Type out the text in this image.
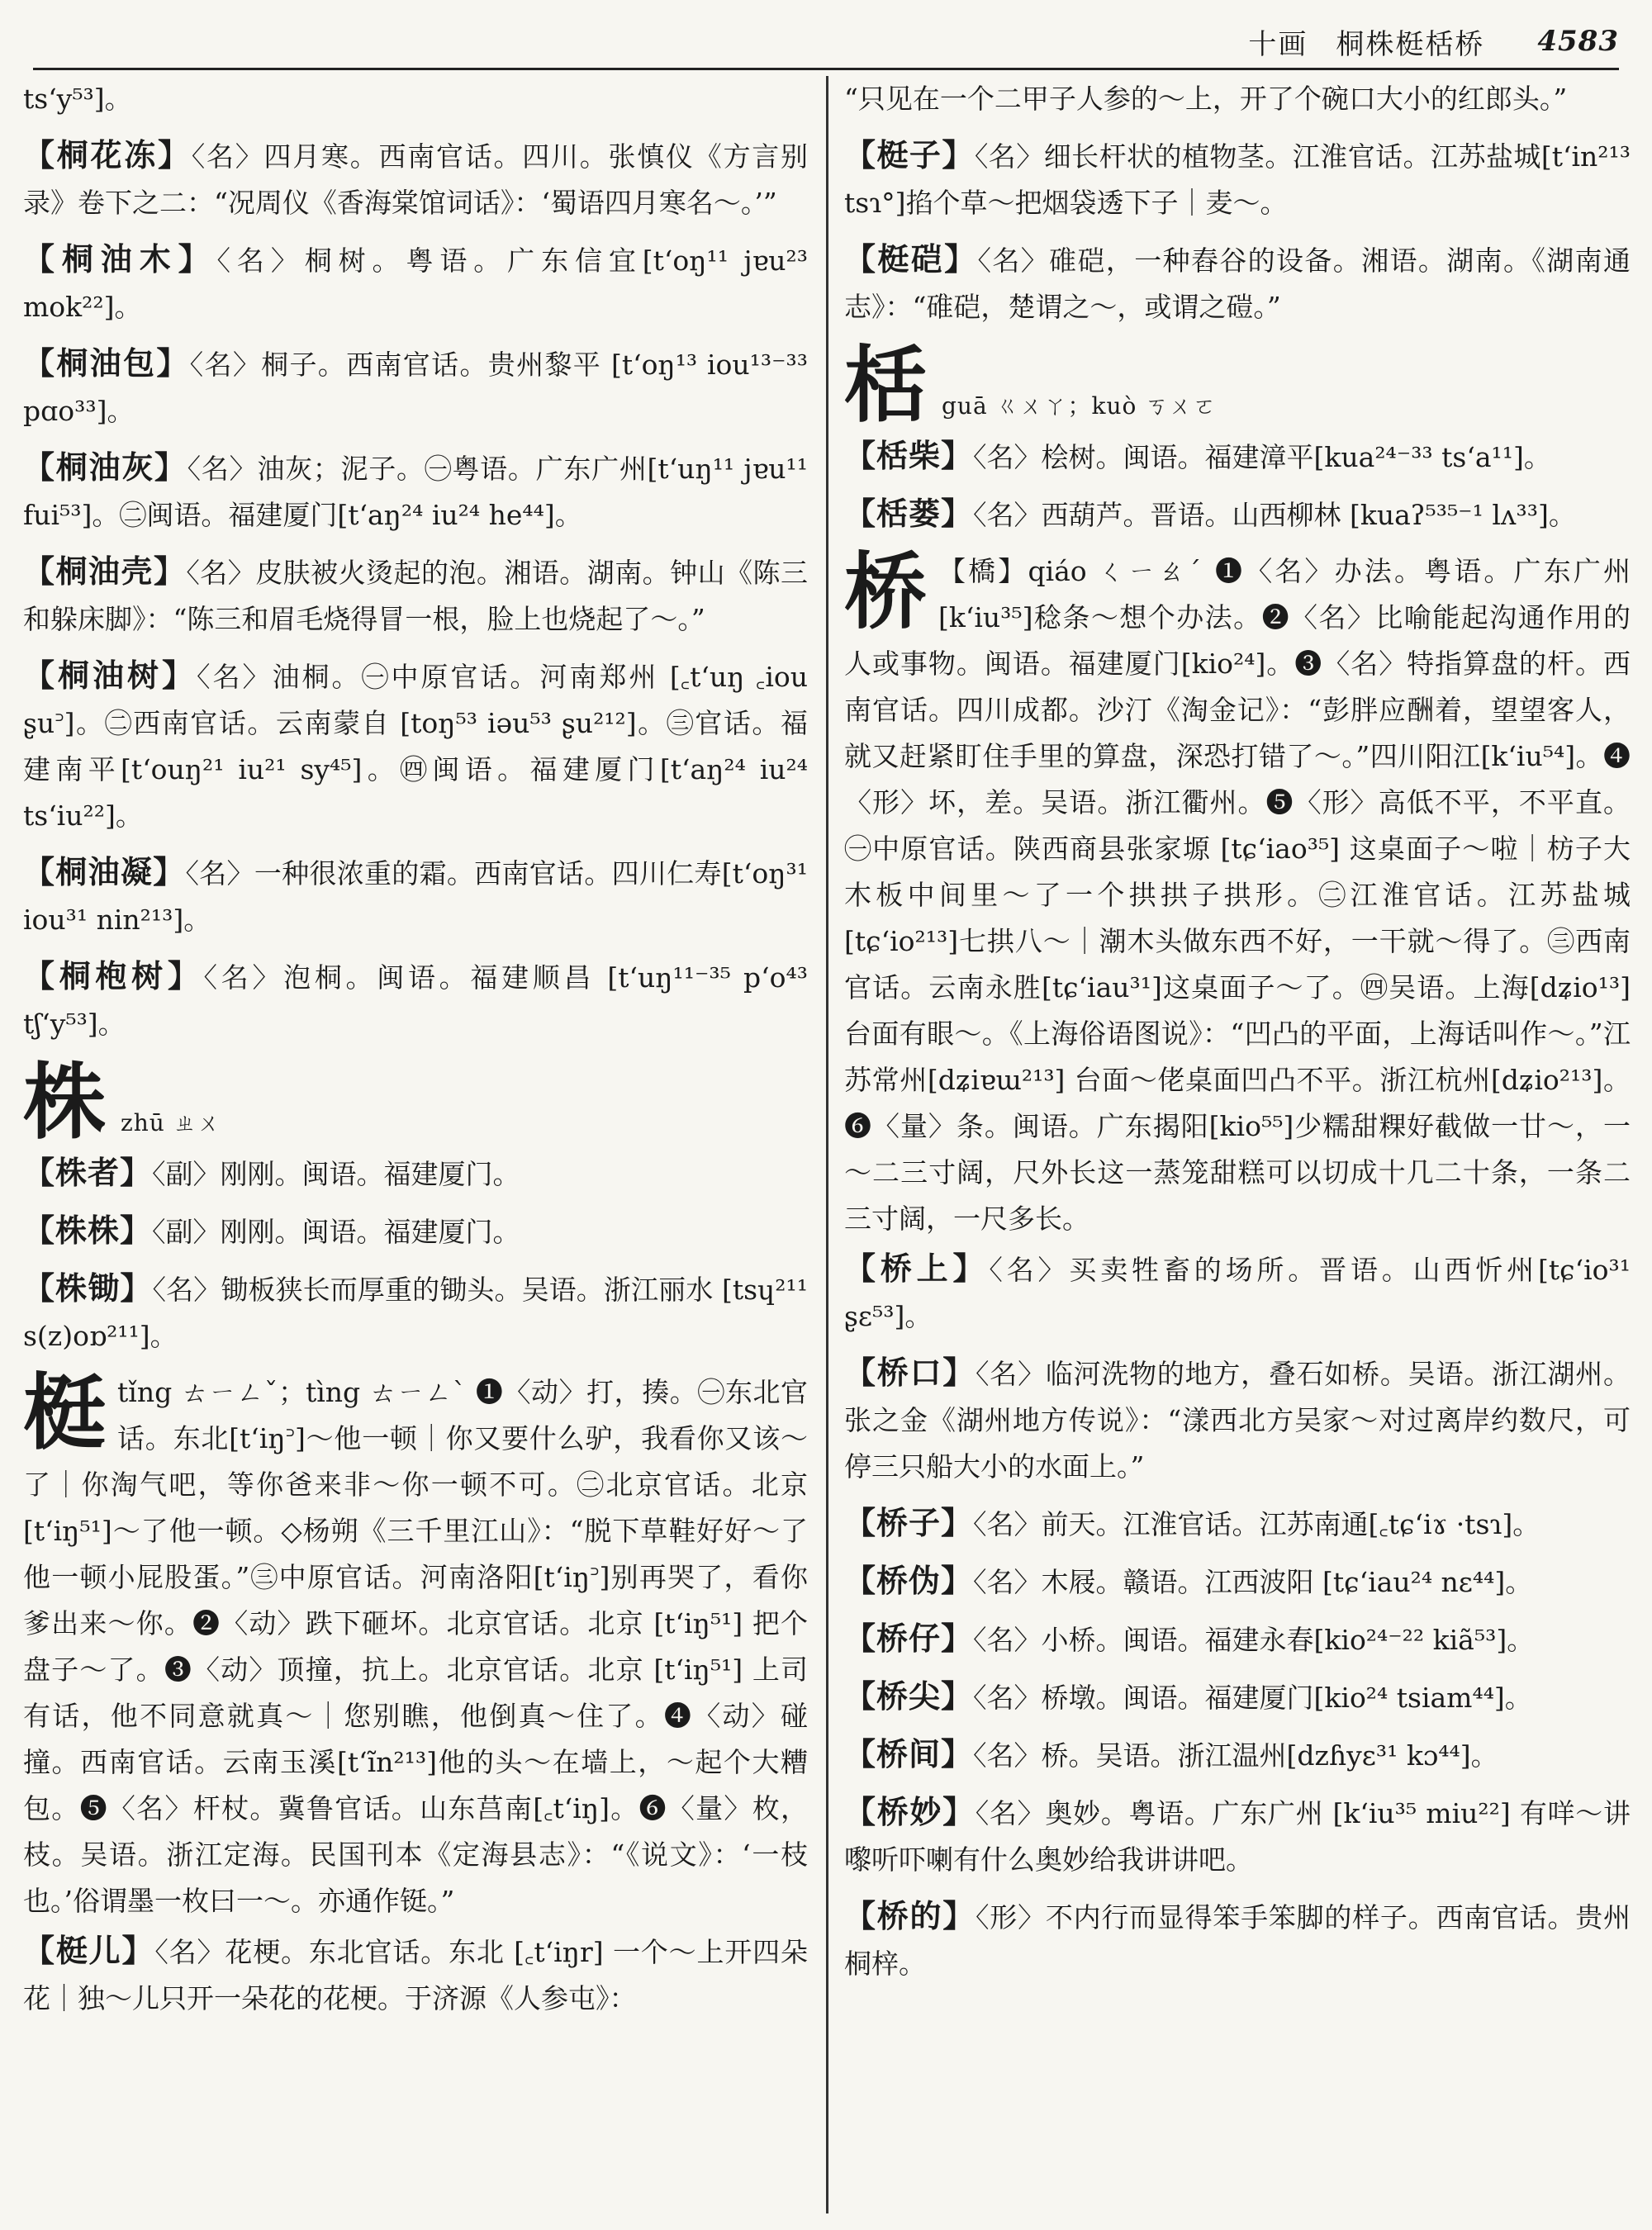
十画 桐株梃栝桥 4583

ts‘y⁵³]。

【桐花冻】〈名〉四月寒。西南官话。四川。张慎仪《方言别录》卷下之二：“况周仪《香海棠馆词话》：‘蜀语四月寒名～。’”

【桐油木】〈名〉桐树。粤语。广东信宜[t‘oŋ¹¹ jɐu²³ mok²²]。

【桐油包】〈名〉桐子。西南官话。贵州黎平 [t‘oŋ¹³ iou¹³⁻³³ pɑo³³]。

【桐油灰】〈名〉油灰；泥子。㊀粤语。广东广州[t‘uŋ¹¹ jɐu¹¹ fui⁵³]。㊁闽语。福建厦门[t‘aŋ²⁴ iu²⁴ he⁴⁴]。

【桐油壳】〈名〉皮肤被火烫起的泡。湘语。湖南。钟山《陈三和躲床脚》：“陈三和眉毛烧得冒一根，脸上也烧起了～。”

【桐油树】〈名〉油桐。㊀中原官话。河南郑州 [꜀t‘uŋ ꜀iou ʂu꜄]。㊁西南官话。云南蒙自 [toŋ⁵³ iəu⁵³ ʂu²¹²]。㊂官话。福建南平[t‘ouŋ²¹ iu²¹ sy⁴⁵]。㊃闽语。福建厦门[t‘aŋ²⁴ iu²⁴ ts‘iu²²]。

【桐油凝】〈名〉一种很浓重的霜。西南官话。四川仁寿[t‘oŋ³¹ iou³¹ nin²¹³]。

【桐枹树】〈名〉泡桐。闽语。福建顺昌 [t‘uŋ¹¹⁻³⁵ p‘o⁴³ tʃ‘y⁵³]。

株 zhū ㄓㄨ

【株者】〈副〉刚刚。闽语。福建厦门。

【株株】〈副〉刚刚。闽语。福建厦门。

【株锄】〈名〉锄板狭长而厚重的锄头。吴语。浙江丽水 [tsɥ²¹¹ s(z)oɒ²¹¹]。

梃 tǐng ㄊㄧㄥˇ；tìng ㄊㄧㄥˋ ❶〈动〉打，揍。㊀东北官话。东北[t‘iŋ꜄]～他一顿｜你又要什么驴，我看你又该～了｜你淘气吧，等你爸来非～你一顿不可。㊁北京官话。北京[t‘iŋ⁵¹]～了他一顿。◇杨朔《三千里江山》：“脱下草鞋好好～了他一顿小屁股蛋。”㊂中原官话。河南洛阳[t‘iŋ꜄]别再哭了，看你爹出来～你。❷〈动〉跌下砸坏。北京官话。北京 [t‘iŋ⁵¹] 把个盘子～了。❸〈动〉顶撞，抗上。北京官话。北京 [t‘iŋ⁵¹] 上司有话，他不同意就真～｜您别瞧，他倒真～住了。❹〈动〉碰撞。西南官话。云南玉溪[t‘ĩn²¹³]他的头～在墙上，～起个大糟包。❺〈名〉杆杖。冀鲁官话。山东莒南[꜀t‘iŋ]。❻〈量〉枚，枝。吴语。浙江定海。民国刊本《定海县志》：“《说文》：‘一枝也。’俗谓墨一枚曰一～。亦通作铤。”

【梃儿】〈名〉花梗。东北官话。东北 [꜀t‘iŋr] 一个～上开四朵花｜独～儿只开一朵花的花梗。于济源《人参屯》：

“只见在一个二甲子人参的～上，开了个碗口大小的红郎头。”

【梃子】〈名〉细长杆状的植物茎。江淮官话。江苏盐城[t‘in²¹³ tsɿ°]掐个草～把烟袋透下子｜麦～。

【梃硙】〈名〉碓硙，一种舂谷的设备。湘语。湖南。《湖南通志》：“碓硙，楚谓之～，或谓之磑。”

栝 guā ㄍㄨㄚ；kuò ㄎㄨㄛ

【栝柴】〈名〉桧树。闽语。福建漳平[kua²⁴⁻³³ ts‘a¹¹]。

【栝蒌】〈名〉西葫芦。晋语。山西柳林 [kuaʔ⁵³⁵⁻¹ lʌ³³]。

桥 【橋】qiáo ㄑㄧㄠˊ ❶〈名〉办法。粤语。广东广州[k‘iu³⁵]稔条～想个办法。❷〈名〉比喻能起沟通作用的人或事物。闽语。福建厦门[kio²⁴]。❸〈名〉特指算盘的杆。西南官话。四川成都。沙汀《淘金记》：“彭胖应酬着，望望客人，就又赶紧盯住手里的算盘，深恐打错了～。”四川阳江[k‘iu⁵⁴]。❹〈形〉坏，差。吴语。浙江衢州。❺〈形〉高低不平，不平直。㊀中原官话。陕西商县张家塬 [tɕ‘iao³⁵] 这桌面子～啦｜枋子大木板中间里～了一个拱拱子拱形。㊁江淮官话。江苏盐城[tɕ‘io²¹³]七拱八～｜潮木头做东西不好，一干就～得了。㊂西南官话。云南永胜[tɕ‘iau³¹]这桌面子～了。㊃吴语。上海[dʑio¹³]台面有眼～。《上海俗语图说》：“凹凸的平面，上海话叫作～。”江苏常州[dʑiɐɯ²¹³] 台面～佬桌面凹凸不平。浙江杭州[dʑio²¹³]。❻〈量〉条。闽语。广东揭阳[kio⁵⁵]少糯甜粿好截做一廿～，一～二三寸阔，尺外长这一蒸笼甜糕可以切成十几二十条，一条二三寸阔，一尺多长。

【桥上】〈名〉买卖牲畜的场所。晋语。山西忻州[tɕ‘io³¹ ʂɛ⁵³]。

【桥口】〈名〉临河洗物的地方，叠石如桥。吴语。浙江湖州。张之金《湖州地方传说》：“漾西北方吴家～对过离岸约数尺，可停三只船大小的水面上。”

【桥子】〈名〉前天。江淮官话。江苏南通[꜀tɕ‘iɤ ·tsɿ]。

【桥伪】〈名〉木屐。赣语。江西波阳 [tɕ‘iau²⁴ nɛ⁴⁴]。

【桥仔】〈名〉小桥。闽语。福建永春[kio²⁴⁻²² kiã⁵³]。

【桥尖】〈名〉桥墩。闽语。福建厦门[kio²⁴ tsiam⁴⁴]。

【桥间】〈名〉桥。吴语。浙江温州[dzɦyɛ³¹ kɔ⁴⁴]。

【桥妙】〈名〉奥妙。粤语。广东广州 [k‘iu³⁵ miu²²] 有咩～讲嚟听吓喇有什么奥妙给我讲讲吧。

【桥的】〈形〉不内行而显得笨手笨脚的样子。西南官话。贵州桐梓。
